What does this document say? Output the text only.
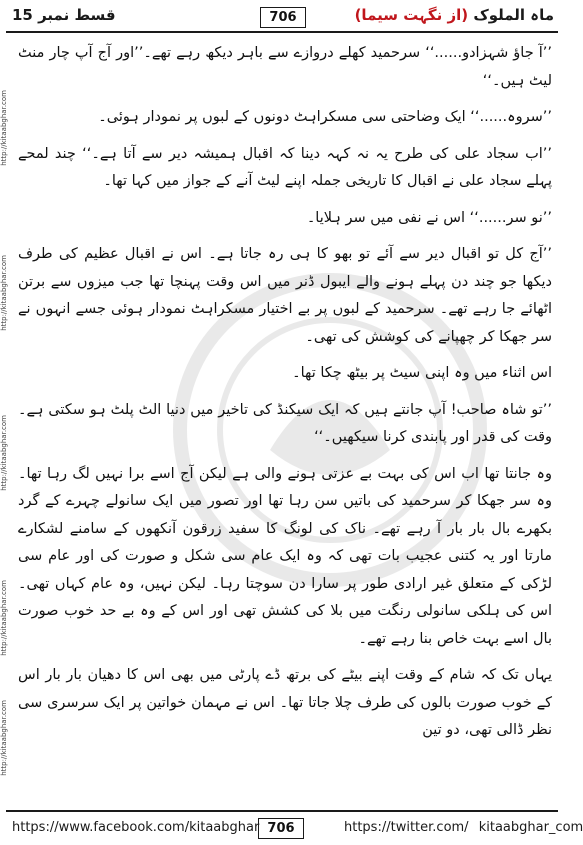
ماہ الملوک (از نگہت سیما)
706
قسط نمبر 15
http://kitaabghar.com
http://kitaabghar.com
http://kitaabghar.com
http://kitaabghar.com
http://kitaabghar.com

’’آ جاؤ شہزادو......‘‘ سرحمید کھلے دروازے سے باہر دیکھ رہے تھے۔’’اور آج آپ چار منٹ لیٹ ہیں۔‘‘

’’سروہ......‘‘ ایک وضاحتی سی مسکراہٹ دونوں کے لبوں پر نمودار ہوئی۔

’’اب سجاد علی کی طرح یہ نہ کہہ دینا کہ اقبال ہمیشہ دیر سے آتا ہے۔‘‘ چند لمحے پہلے سجاد علی نے اقبال کا تاریخی جملہ اپنے لیٹ آنے کے جواز میں کہا تھا۔

’’نو سر......‘‘ اس نے نفی میں سر ہلایا۔

’’آج کل تو اقبال دیر سے آئے تو بھو کا ہی رہ جاتا ہے۔ اس نے اقبال عظیم کی طرف دیکھا جو چند دن پہلے ہونے والے ایبول ڈنر میں اس وقت پہنچا تھا جب میزوں سے برتن اٹھائے جا رہے تھے۔ سرحمید کے لبوں پر بے اختیار مسکراہٹ نمودار ہوئی جسے انہوں نے سر جھکا کر چھپانے کی کوشش کی تھی۔

اس اثناء میں وہ اپنی سیٹ پر بیٹھ چکا تھا۔

’’تو شاہ صاحب! آپ جانتے ہیں کہ ایک سیکنڈ کی تاخیر میں دنیا الٹ پلٹ ہو سکتی ہے۔ وقت کی قدر اور پابندی کرنا سیکھیں۔‘‘

وہ جانتا تھا اب اس کی بہت بے عزتی ہونے والی ہے لیکن آج اسے برا نہیں لگ رہا تھا۔ وہ سر جھکا کر سرحمید کی باتیں سن رہا تھا اور تصور میں ایک سانولے چہرے کے گرد بکھرے بال بار بار آ رہے تھے۔ ناک کی لونگ کا سفید زرقون آنکھوں کے سامنے لشکارے مارتا اور یہ کتنی عجیب بات تھی کہ وہ ایک عام سی شکل و صورت کی اور عام سی لڑکی کے متعلق غیر ارادی طور پر سارا دن سوچتا رہا۔ لیکن نہیں، وہ عام کہاں تھی۔ اس کی ہلکی سانولی رنگت میں بلا کی کشش تھی اور اس کے وہ بے حد خوب صورت بال اسے بہت خاص بنا رہے تھے۔

یہاں تک کہ شام کے وقت اپنے بیٹے کی برتھ ڈے پارٹی میں بھی اس کا دھیان بار بار اس کے خوب صورت بالوں کی طرف چلا جاتا تھا۔ اس نے مہمان خواتین پر ایک سرسری سی نظر ڈالی تھی، دو تین

https://www.facebook.com/kitaabghar 706	https://twitter.com/ kitaabghar_com
